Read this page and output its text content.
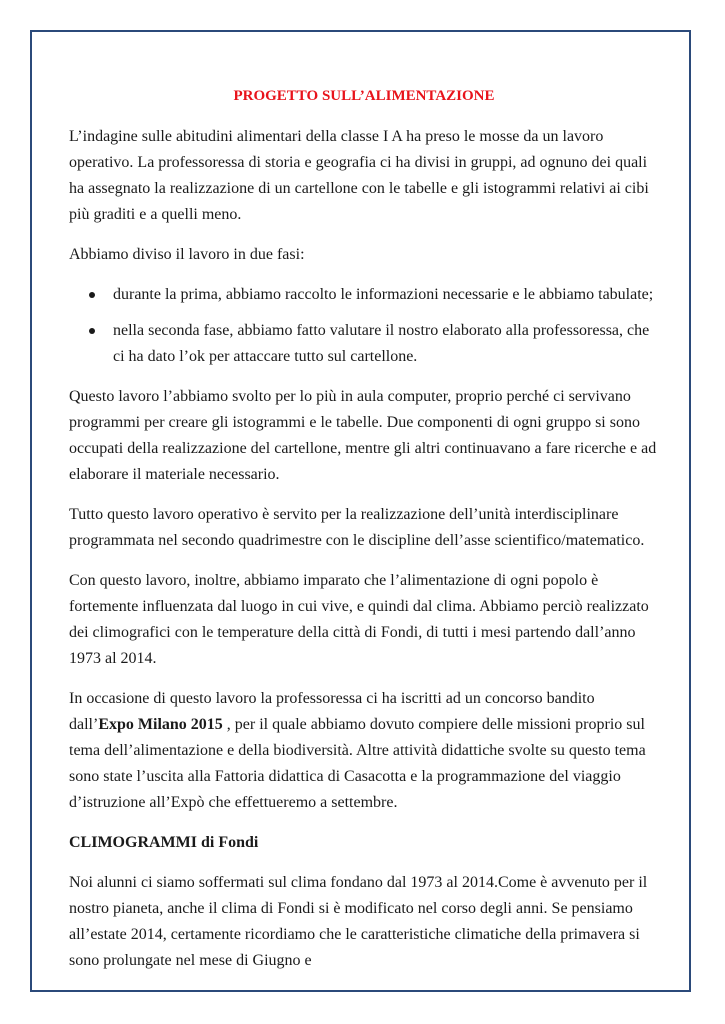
PROGETTO SULL’ALIMENTAZIONE

L’indagine sulle abitudini alimentari della classe I A ha preso le mosse da un lavoro operativo. La professoressa di storia e geografia ci ha divisi in gruppi, ad ognuno dei quali ha assegnato la realizzazione di un cartellone con le tabelle e gli istogrammi relativi ai cibi più graditi e a quelli meno.

Abbiamo diviso il lavoro in due fasi:

durante la prima, abbiamo raccolto le informazioni necessarie e le abbiamo tabulate;
nella seconda fase, abbiamo fatto valutare il nostro elaborato alla professoressa, che ci ha dato l’ok per attaccare tutto sul cartellone.

Questo lavoro l’abbiamo svolto per lo più in aula computer, proprio perché ci servivano programmi per creare gli istogrammi e le tabelle. Due componenti di ogni gruppo si sono occupati della realizzazione del cartellone, mentre gli altri continuavano a fare ricerche e ad elaborare il materiale necessario.

Tutto questo lavoro operativo è servito per la realizzazione dell’unità interdisciplinare programmata nel secondo quadrimestre con le discipline dell’asse scientifico/matematico.

Con questo lavoro, inoltre, abbiamo imparato che l’alimentazione di ogni popolo è fortemente influenzata dal luogo in cui vive, e quindi dal clima. Abbiamo perciò realizzato dei climografici con le temperature della città di Fondi, di tutti i mesi partendo dall’anno 1973 al 2014.

In occasione di questo lavoro la professoressa ci ha iscritti ad un concorso bandito dall’Expo Milano 2015 , per il quale abbiamo dovuto compiere delle missioni proprio sul tema dell’alimentazione e della biodiversità. Altre attività didattiche svolte su questo tema sono state l’uscita alla Fattoria didattica di Casacotta e la programmazione del viaggio d’istruzione all’Expò che effettueremo a settembre.

CLIMOGRAMMI di Fondi

Noi alunni ci siamo soffermati sul clima fondano dal 1973 al 2014.Come è avvenuto per il nostro pianeta, anche il clima di Fondi si è modificato nel corso degli anni. Se pensiamo all’estate 2014, certamente ricordiamo che le caratteristiche climatiche della primavera si sono prolungate nel mese di Giugno e
